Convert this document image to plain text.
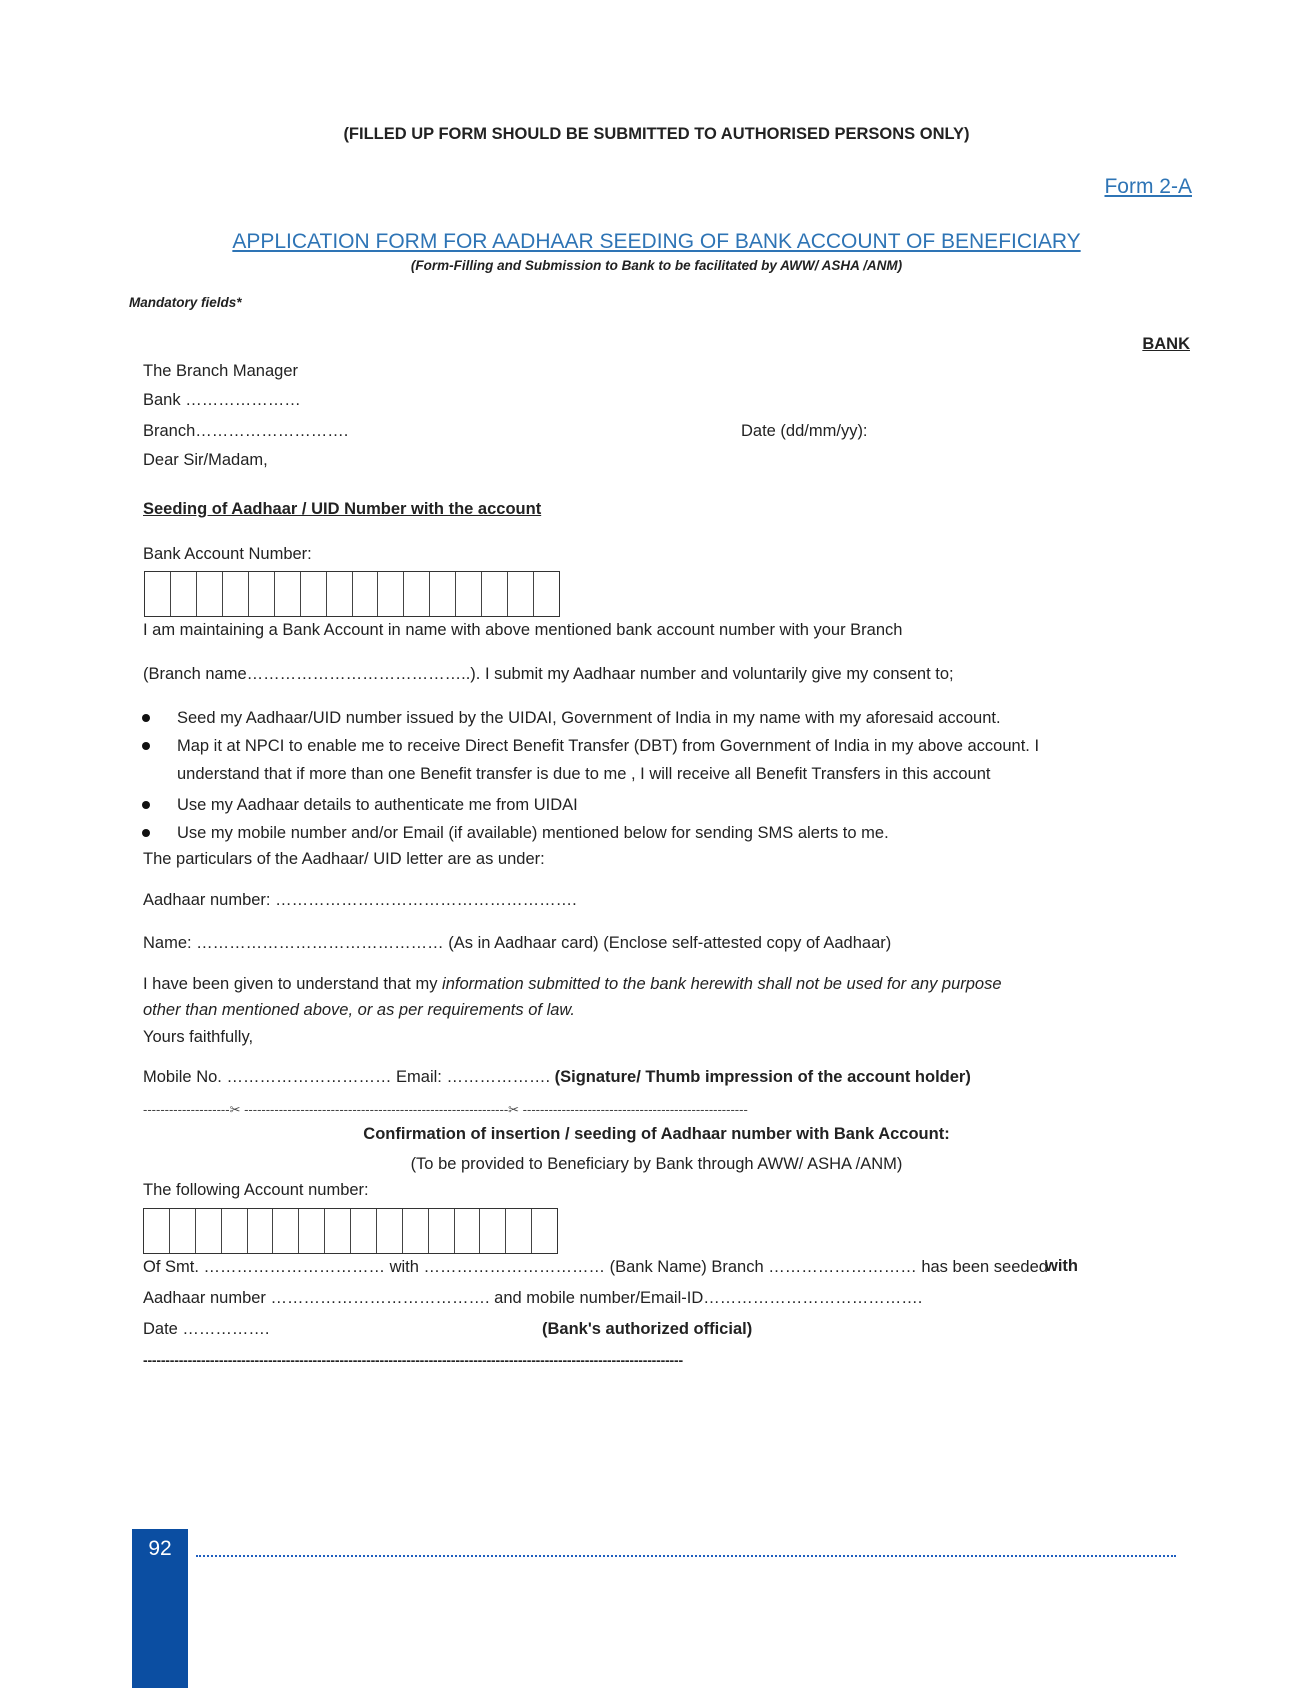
(FILLED UP FORM SHOULD BE SUBMITTED TO AUTHORISED PERSONS ONLY)
Form 2-A
APPLICATION FORM FOR AADHAAR SEEDING OF BANK ACCOUNT OF BENEFICIARY
(Form-Filling and Submission to Bank to be facilitated by AWW/ ASHA /ANM)
Mandatory fields*
BANK
The Branch Manager
Bank …………………
Branch……………………….	Date (dd/mm/yy):
Dear Sir/Madam,
Seeding of Aadhaar / UID Number with the account
Bank Account Number:
I am maintaining a Bank Account in name with above mentioned bank account number with your Branch
(Branch name…………………………………..). I submit my Aadhaar number and voluntarily give my consent to;
Seed my Aadhaar/UID number issued by the UIDAI, Government of India in my name with my aforesaid account.
Map it at NPCI to enable me to receive Direct Benefit Transfer (DBT) from Government of India in my above account. I
understand that if more than one Benefit transfer is due to me , I will receive all Benefit Transfers in this account
Use my Aadhaar details to authenticate me from UIDAI
Use my mobile number and/or Email (if available) mentioned below for sending SMS alerts to me.
The particulars of the Aadhaar/ UID letter are as under:
Aadhaar number: ……………………………………………….
Name: ……………………………………… (As in Aadhaar card) (Enclose self-attested copy of Aadhaar)
I have been given to understand that my information submitted to the bank herewith shall not be used for any purpose
other than mentioned above, or as per requirements of law.
Yours faithfully,
Mobile No. ………………………… Email: ………………. (Signature/ Thumb impression of the account holder)
--------------------✂ -------------------------------------------------------------✂ ----------------------------------------------------
Confirmation of insertion / seeding of Aadhaar number with Bank Account:
(To be provided to Beneficiary by Bank through AWW/ ASHA /ANM)
The following Account number:
Of Smt. …………………………… with …………………………… (Bank Name) Branch ……………………… has been seeded
with
Aadhaar number …………………………………. and mobile number/Email-ID………………………………….
Date …………….	(Bank's authorized official)
-------------------------------------------------------------------------------------------------------------------------
92
